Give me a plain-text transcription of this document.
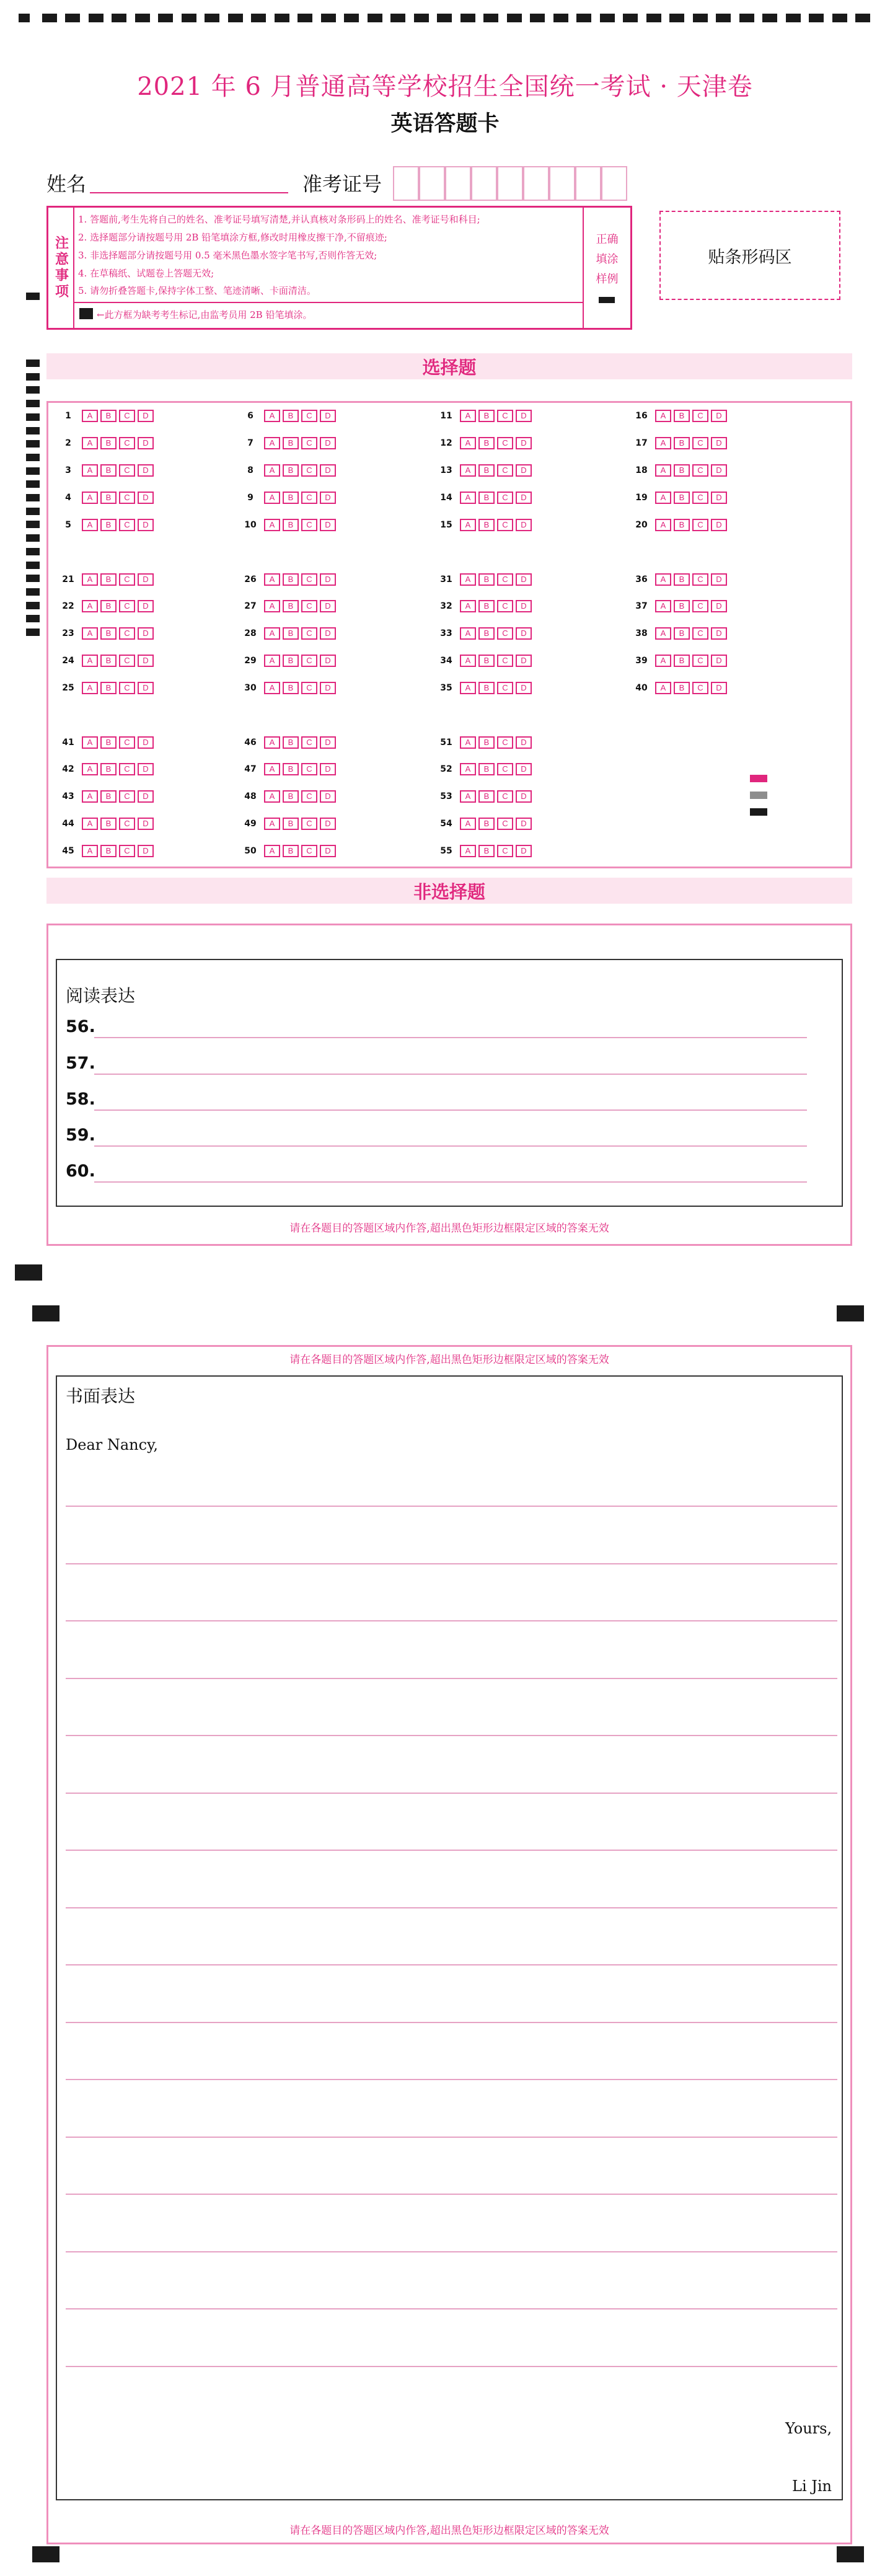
2021 年 6 月普通高等学校招生全国统一考试 · 天津卷
英语答题卡
姓名	准考证号
注意事项
1. 答题前,考生先将自己的姓名、准考证号填写清楚,并认真核对条形码上的姓名、准考证号和科目;
2. 选择题部分请按题号用 2B 铅笔填涂方框,修改时用橡皮擦干净,不留痕迹;
3. 非选择题部分请按题号用 0.5 毫米黑色墨水签字笔书写,否则作答无效;
4. 在草稿纸、试题卷上答题无效;
5. 请勿折叠答题卡,保持字体工整、笔迹清晰、卡面清洁。
←此方框为缺考考生标记,由监考员用 2B 铅笔填涂。
正确
填涂
样例
贴条形码区
选择题
1	A	B	C	D
2	A	B	C	D
3	A	B	C	D
4	A	B	C	D
5	A	B	C	D
6	A	B	C	D
7	A	B	C	D
8	A	B	C	D
9	A	B	C	D
10	A	B	C	D
11	A	B	C	D
12	A	B	C	D
13	A	B	C	D
14	A	B	C	D
15	A	B	C	D
16	A	B	C	D
17	A	B	C	D
18	A	B	C	D
19	A	B	C	D
20	A	B	C	D
21	A	B	C	D
22	A	B	C	D
23	A	B	C	D
24	A	B	C	D
25	A	B	C	D
26	A	B	C	D
27	A	B	C	D
28	A	B	C	D
29	A	B	C	D
30	A	B	C	D
31	A	B	C	D
32	A	B	C	D
33	A	B	C	D
34	A	B	C	D
35	A	B	C	D
36	A	B	C	D
37	A	B	C	D
38	A	B	C	D
39	A	B	C	D
40	A	B	C	D
41	A	B	C	D
42	A	B	C	D
43	A	B	C	D
44	A	B	C	D
45	A	B	C	D
46	A	B	C	D
47	A	B	C	D
48	A	B	C	D
49	A	B	C	D
50	A	B	C	D
51	A	B	C	D
52	A	B	C	D
53	A	B	C	D
54	A	B	C	D
55	A	B	C	D
非选择题
阅读表达
56.
57.
58.
59.
60.
请在各题目的答题区域内作答,超出黑色矩形边框限定区域的答案无效
请在各题目的答题区域内作答,超出黑色矩形边框限定区域的答案无效
书面表达
Dear Nancy,
Yours,
Li Jin
请在各题目的答题区域内作答,超出黑色矩形边框限定区域的答案无效
